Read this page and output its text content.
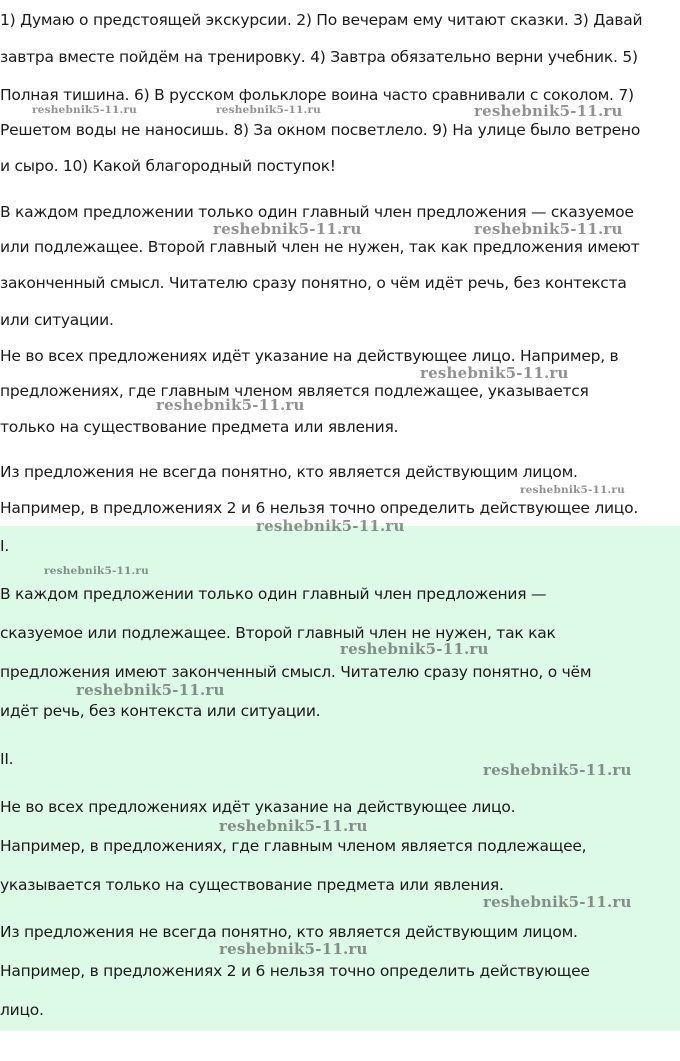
1) Думаю о предстоящей экскурсии. 2) По вечерам ему читают сказки. 3) Давай
завтра вместе пойдём на тренировку. 4) Завтра обязательно верни учебник. 5)
Полная тишина. 6) В русском фольклоре воина часто сравнивали с соколом. 7)
Решетом воды не наносишь. 8) За окном посветлело. 9) На улице было ветрено
и сыро. 10) Какой благородный поступок!
В каждом предложении только один главный член предложения — сказуемое
или подлежащее. Второй главный член не нужен, так как предложения имеют
законченный смысл. Читателю сразу понятно, о чём идёт речь, без контекста
или ситуации.
Не во всех предложениях идёт указание на действующее лицо. Например, в
предложениях, где главным членом является подлежащее, указывается
только на существование предмета или явления.
Из предложения не всегда понятно, кто является действующим лицом.
Например, в предложениях 2 и 6 нельзя точно определить действующее лицо.
I.
В каждом предложении только один главный член предложения —
сказуемое или подлежащее. Второй главный член не нужен, так как
предложения имеют законченный смысл. Читателю сразу понятно, о чём
идёт речь, без контекста или ситуации.
II.
Не во всех предложениях идёт указание на действующее лицо.
Например, в предложениях, где главным членом является подлежащее,
указывается только на существование предмета или явления.
Из предложения не всегда понятно, кто является действующим лицом.
Например, в предложениях 2 и 6 нельзя точно определить действующее
лицо.
reshebnik5-11.ru	reshebnik5-11.ru	reshebnik5-11.ru
reshebnik5-11.ru	reshebnik5-11.ru
reshebnik5-11.ru
reshebnik5-11.ru
reshebnik5-11.ru
reshebnik5-11.ru
reshebnik5-11.ru
reshebnik5-11.ru
reshebnik5-11.ru
reshebnik5-11.ru
reshebnik5-11.ru
reshebnik5-11.ru
reshebnik5-11.ru
